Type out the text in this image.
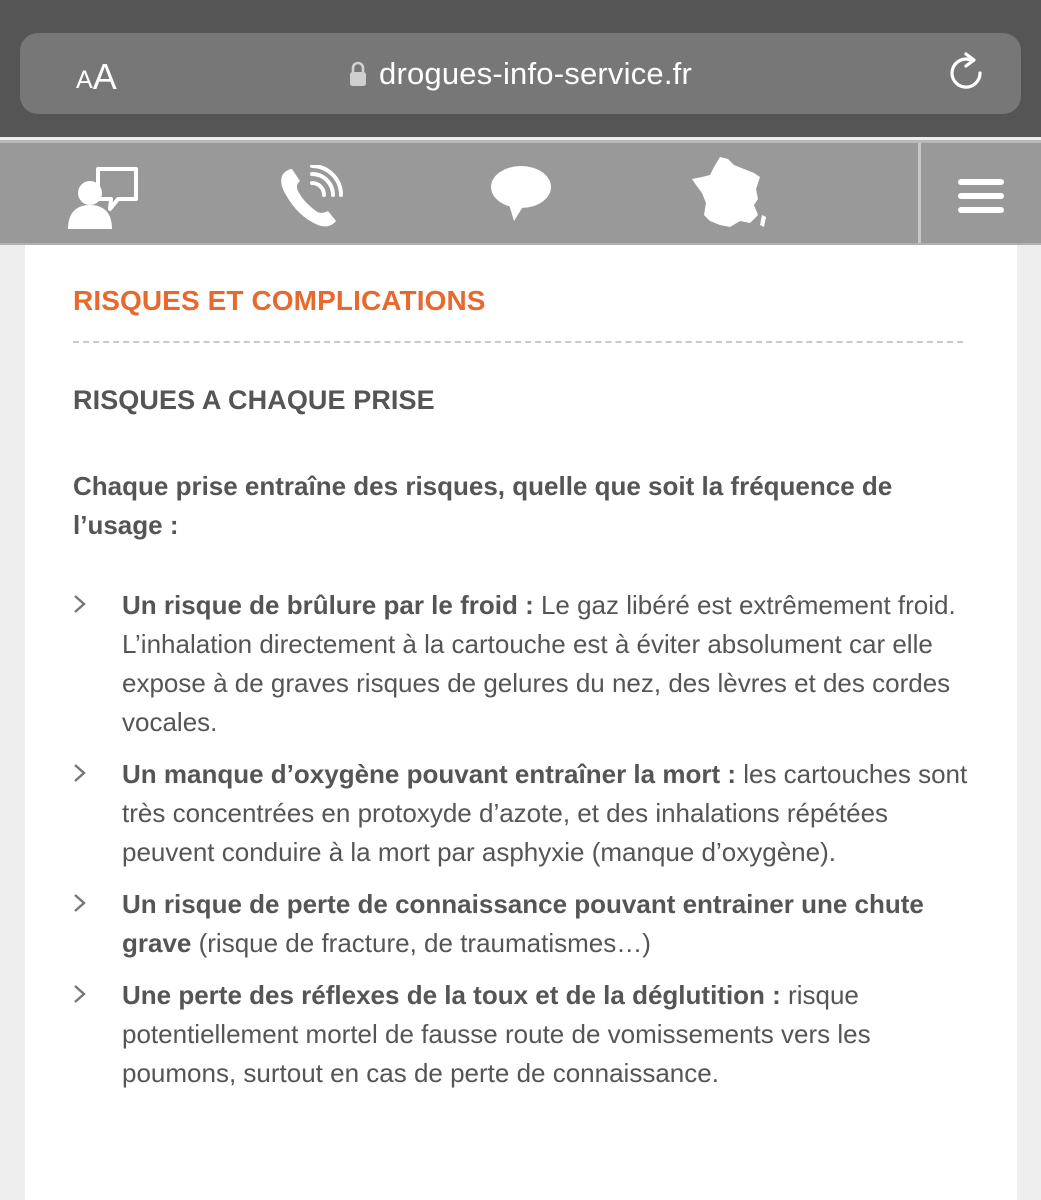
A A	drogues-info-service.fr
RISQUES ET COMPLICATIONS
RISQUES A CHAQUE PRISE

Chaque prise entraîne des risques, quelle que soit la fréquence de l’usage :

Un risque de brûlure par le froid : Le gaz libéré est extrêmement froid. L’inhalation directement à la cartouche est à éviter absolument car elle expose à de graves risques de gelures du nez, des lèvres et des cordes vocales.
Un manque d’oxygène pouvant entraîner la mort : les cartouches sont très concentrées en protoxyde d’azote, et des inhalations répétées peuvent conduire à la mort par asphyxie (manque d’oxygène).
Un risque de perte de connaissance pouvant entrainer une chute grave (risque de fracture, de traumatismes…)
Une perte des réflexes de la toux et de la déglutition : risque potentiellement mortel de fausse route de vomissements vers les poumons, surtout en cas de perte de connaissance.
